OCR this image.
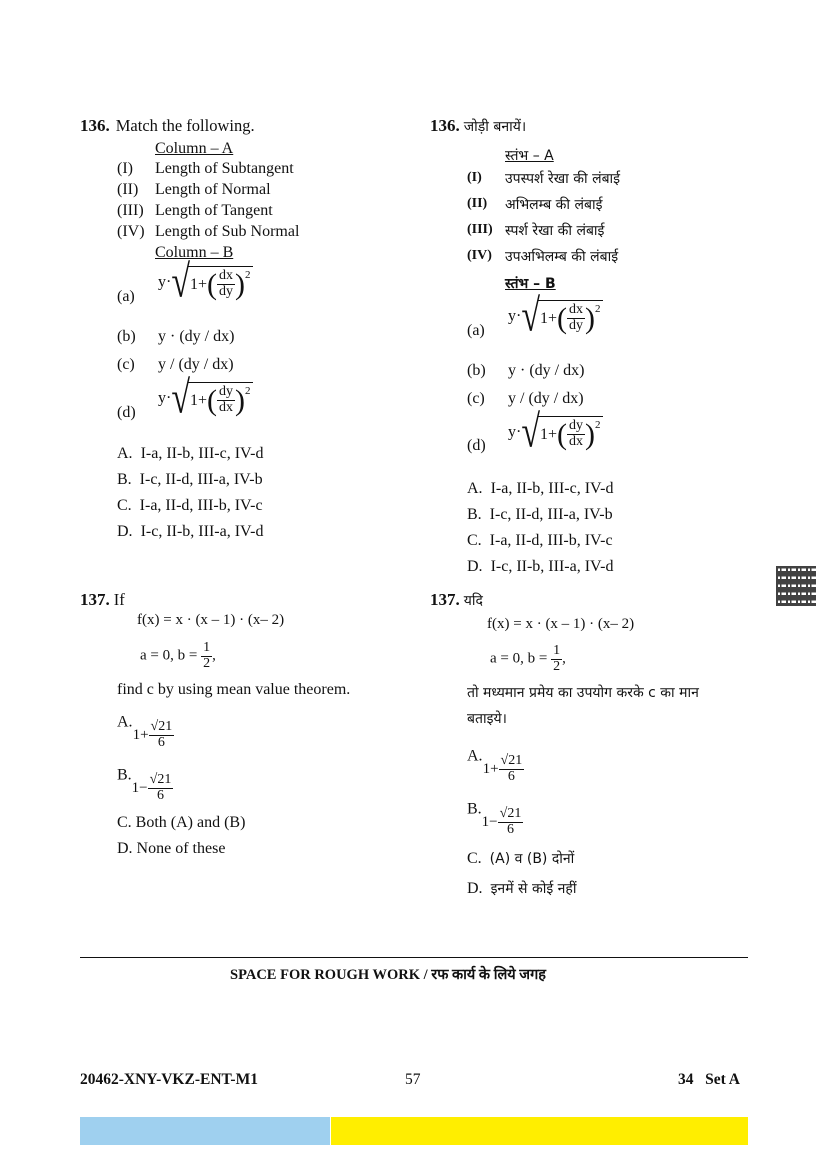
136. Match the following.
Column – A
(I) Length of Subtangent
(II) Length of Normal
(III) Length of Tangent
(IV) Length of Sub Normal
Column – B
(a)
y· √ 1+ ( $\frac{dx}{dy}$ ) 2
(b) y · (dy / dx)
(c) y / (dy / dx)
(d)
y· √ 1+ ( $\frac{dy}{dx}$ ) 2
A. I-a, II-b, III-c, IV-d
B. I-c, II-d, III-a, IV-b
C. I-a, II-d, III-b, IV-c
D. I-c, II-b, III-a, IV-d
137. If
f(x) = x · (x – 1) · (x– 2)
a = 0, $b = \frac{1}{2}$ ,
find c by using mean value theorem.
A. $1+ \frac{√21}{6}$
B. $1- \frac{√21}{6}$
C. Both (A) and (B)
D. None of these
136. जोड़ी बनायें।
स्तंभ – A
(I) उपस्पर्श रेखा की लंबाई
(II) अभिलम्ब की लंबाई
(III) स्पर्श रेखा की लंबाई
(IV) उपअभिलम्ब की लंबाई
स्तंभ – B
(a)
y· √ 1+ ( $\frac{dx}{dy}$ ) 2
(b) y · (dy / dx)
(c) y / (dy / dx)
(d)
y· √ 1+ ( $\frac{dy}{dx}$ ) 2
A. I-a, II-b, III-c, IV-d
B. I-c, II-d, III-a, IV-b
C. I-a, II-d, III-b, IV-c
D. I-c, II-b, III-a, IV-d
137. यदि
f(x) = x · (x – 1) · (x– 2)
a = 0, $b = \frac{1}{2}$ ,
तो मध्यमान प्रमेय का उपयोग करके c का मान
बताइये।
A. $1+ \frac{√21}{6}$
B. $1- \frac{√21}{6}$
C. (A) व (B) दोनों
D. इनमें से कोई नहीं
SPACE FOR ROUGH WORK / रफ कार्य के लिये जगह
20462-XNY-VKZ-ENT-M1	57	34   Set A
